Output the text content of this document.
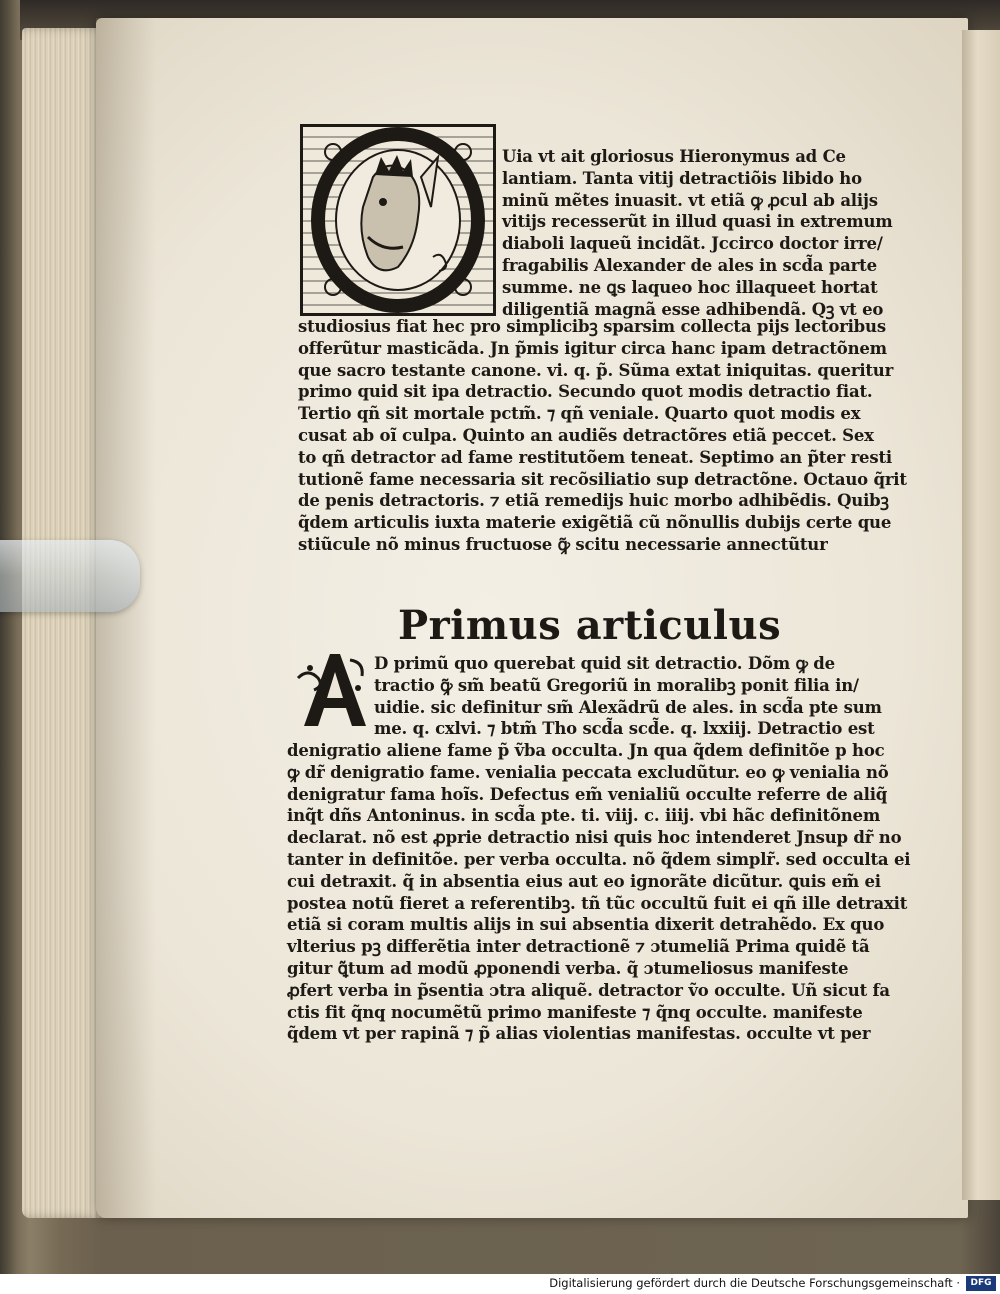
Uia vt ait gloriosus Hieronymus ad Ce
lantiam. Tanta vitij detractiõis libido ho
minũ mẽtes inuasit. vt etiã ꝙ ꝓcul ab alijs
vitijs recesserũt in illud quasi in extremum
diaboli laqueũ incidãt. Jccirco doctor irre/
fragabilis Alexander de ales in scd̃a parte
summe. ne ꝗs laqueo hoc illaqueet hortat
diligentiã magnã esse adhibendã. Qꝫ vt eo
studiosius fiat hec pro simplicibꝫ sparsim collecta pijs lectoribus
offerũtur masticãda. Jn p̃mis igitur circa hanc ipam detractõnem
que sacro testante canone. vi. q. p̃. Sũma extat iniquitas. queritur
primo quid sit ipa detractio. Secundo quot modis detractio fiat.
Tertio qñ sit mortale pctm̃. ⁊ qñ veniale. Quarto quot modis ex
cusat ab oĩ culpa. Quinto an audiẽs detractõres etiã peccet. Sex
to qñ detractor ad fame restitutõem teneat. Septimo an p̃ter resti
tutionẽ fame necessaria sit recõsiliatio sup detractõne. Octauo q̃rit
de penis detractoris. ⁊ etiã remedijs huic morbo adhibẽdis. Quibꝫ
q̃dem articulis iuxta materie exigẽtiã cũ nõnullis dubijs certe que
stiũcule nõ minus fructuose ꝙ̃ scitu necessarie annectũtur
Primus articulus
D primũ quo querebat quid sit detractio. Dõm ꝙ de
tractio ꝙ̃ sm̃ beatũ Gregoriũ in moralibꝫ ponit filia in/
uidie. sic definitur sm̃ Alexãdrũ de ales. in scd̃a pte sum
me. q. cxlvi. ⁊ btm̃ Tho scd̃a scd̃e. q. lxxiij. Detractio est
denigratio aliene fame p̃ ṽba occulta. Jn qua q̃dem definitõe p hoc
ꝙ dr̃ denigratio fame. venialia peccata excludũtur. eo ꝙ venialia nõ
denigratur fama hoĩs. Defectus em̃ venialiũ occulte referre de aliq̃
inq̃t dñs Antoninus. in scd̃a pte. ti. viij. c. iiij. vbi hãc definitõnem
declarat. nõ est ꝓprie detractio nisi quis hoc intenderet Jnsup dr̃ no
tanter in definitõe. per verba occulta. nõ q̃dem simplr̃. sed occulta ei
cui detraxit. q̃ in absentia eius aut eo ignorãte dicũtur. ꝗuis em̃ ei
postea notũ fieret a referentibꝫ. tñ tũc occultũ fuit ei qñ ille detraxit
etiã si coram multis alijs in sui absentia dixerit detrahẽdo. Ex quo
vlterius pꝫ differẽtia inter detractionẽ ⁊ ɔtumeliã Prima quidẽ tã
gitur ꝗ̃tum ad modũ ꝓponendi verba. q̃ ɔtumeliosus manifeste
ꝓfert verba in p̃sentia ɔtra aliquẽ. detractor ṽo occulte. Uñ sicut fa
ctis fit q̃nq̧ nocumẽtũ primo manifeste ⁊ q̃nq̧ occulte. manifeste
q̃dem vt per rapinã ⁊ p̃ alias violentias manifestas. occulte vt per
Digitalisierung gefördert durch die Deutsche Forschungsgemeinschaft ·	DFG
